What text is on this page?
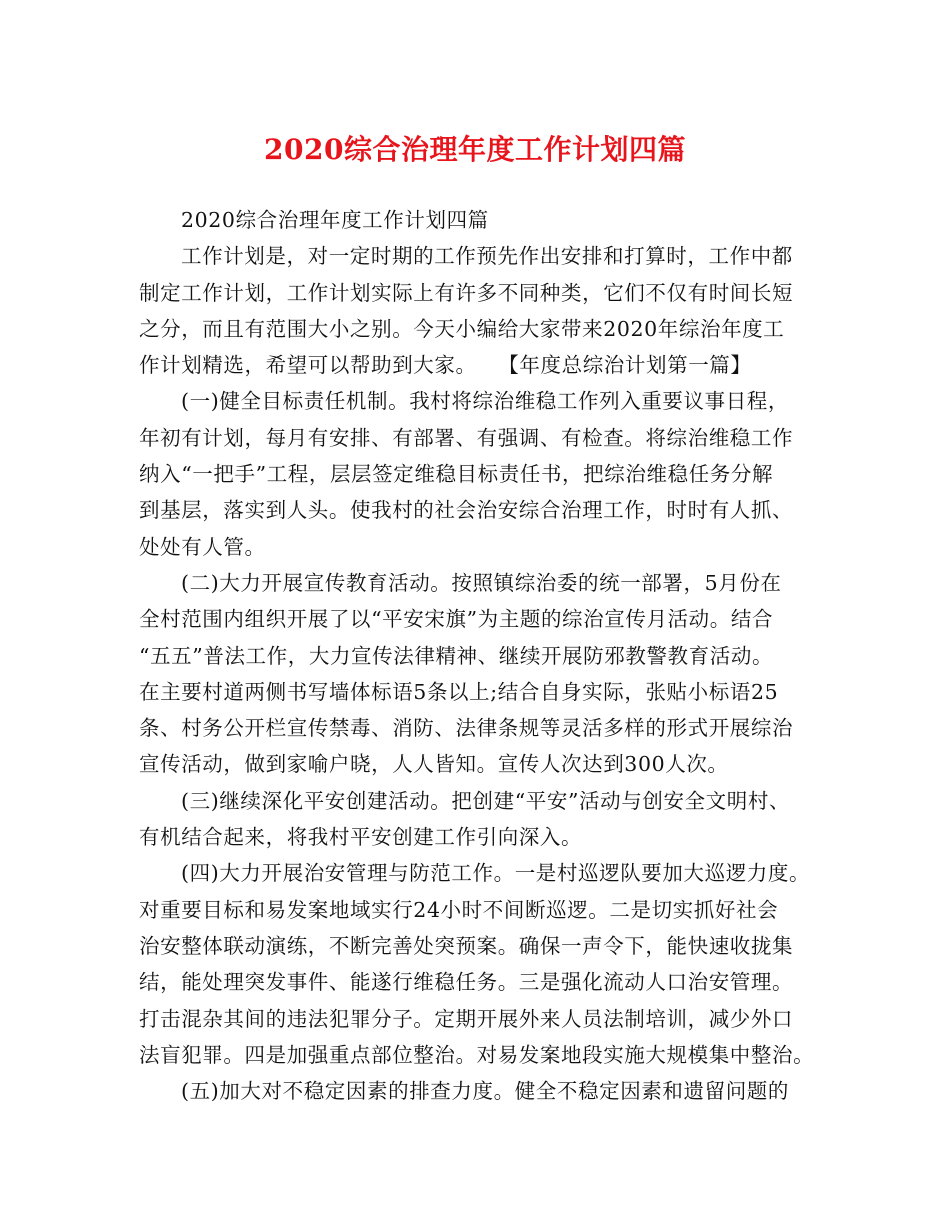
2020综合治理年度工作计划四篇
2020综合治理年度工作计划四篇
工作计划是，对一定时期的工作预先作出安排和打算时，工作中都
制定工作计划，工作计划实际上有许多不同种类，它们不仅有时间长短
之分，而且有范围大小之别。今天小编给大家带来2020年综治年度工
作计划精选，希望可以帮助到大家。　　【年度总综治计划第一篇】
(一)健全目标责任机制。我村将综治维稳工作列入重要议事日程，
年初有计划，每月有安排、有部署、有强调、有检查。将综治维稳工作
纳入“一把手”工程，层层签定维稳目标责任书，把综治维稳任务分解
到基层，落实到人头。使我村的社会治安综合治理工作，时时有人抓、
处处有人管。
(二)大力开展宣传教育活动。按照镇综治委的统一部署，5月份在
全村范围内组织开展了以“平安宋旗”为主题的综治宣传月活动。结合
“五五”普法工作，大力宣传法律精神、继续开展防邪教警教育活动。
在主要村道两侧书写墙体标语5条以上;结合自身实际，张贴小标语25
条、村务公开栏宣传禁毒、消防、法律条规等灵活多样的形式开展综治
宣传活动，做到家喻户晓，人人皆知。宣传人次达到300人次。
(三)继续深化平安创建活动。把创建“平安”活动与创安全文明村、
有机结合起来，将我村平安创建工作引向深入。
(四)大力开展治安管理与防范工作。一是村巡逻队要加大巡逻力度。
对重要目标和易发案地域实行24小时不间断巡逻。二是切实抓好社会
治安整体联动演练，不断完善处突预案。确保一声令下，能快速收拢集
结，能处理突发事件、能遂行维稳任务。三是强化流动人口治安管理。
打击混杂其间的违法犯罪分子。定期开展外来人员法制培训，减少外口
法盲犯罪。四是加强重点部位整治。对易发案地段实施大规模集中整治。
(五)加大对不稳定因素的排查力度。健全不稳定因素和遗留问题的
